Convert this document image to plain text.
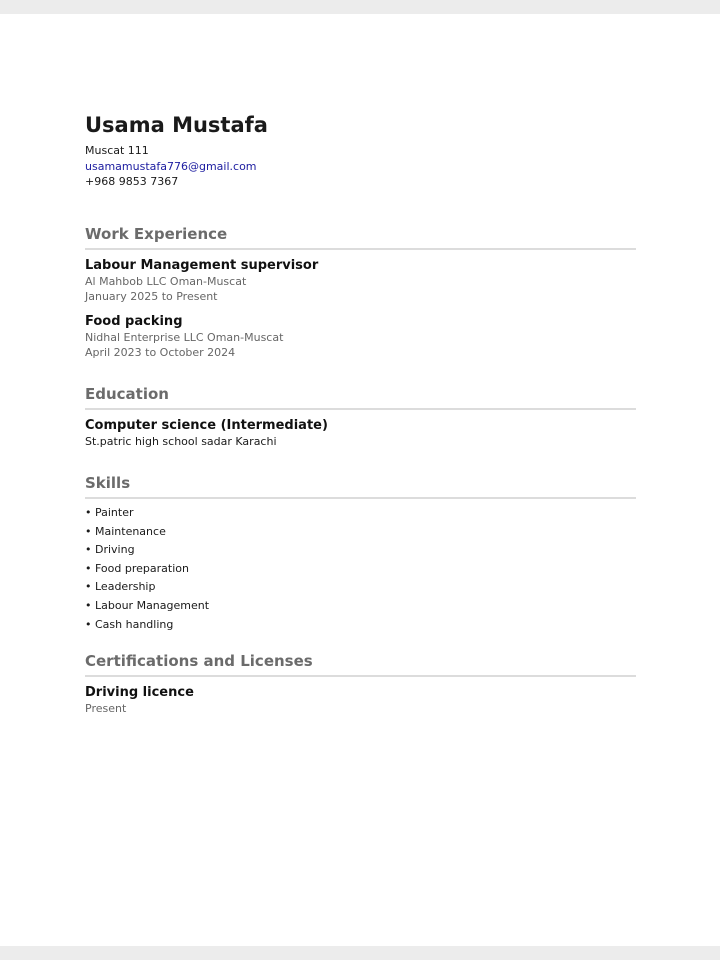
Usama Mustafa
Muscat 111
usamamustafa776@gmail.com
+968 9853 7367
Work Experience
Labour Management supervisor
Al Mahbob LLC Oman-Muscat
January 2025 to Present
Food packing
Nidhal Enterprise LLC Oman-Muscat
April 2023 to October 2024
Education
Computer science (Intermediate)
St.patric high school sadar Karachi
Skills
• Painter
• Maintenance
• Driving
• Food preparation
• Leadership
• Labour Management
• Cash handling
Certifications and Licenses
Driving licence
Present
